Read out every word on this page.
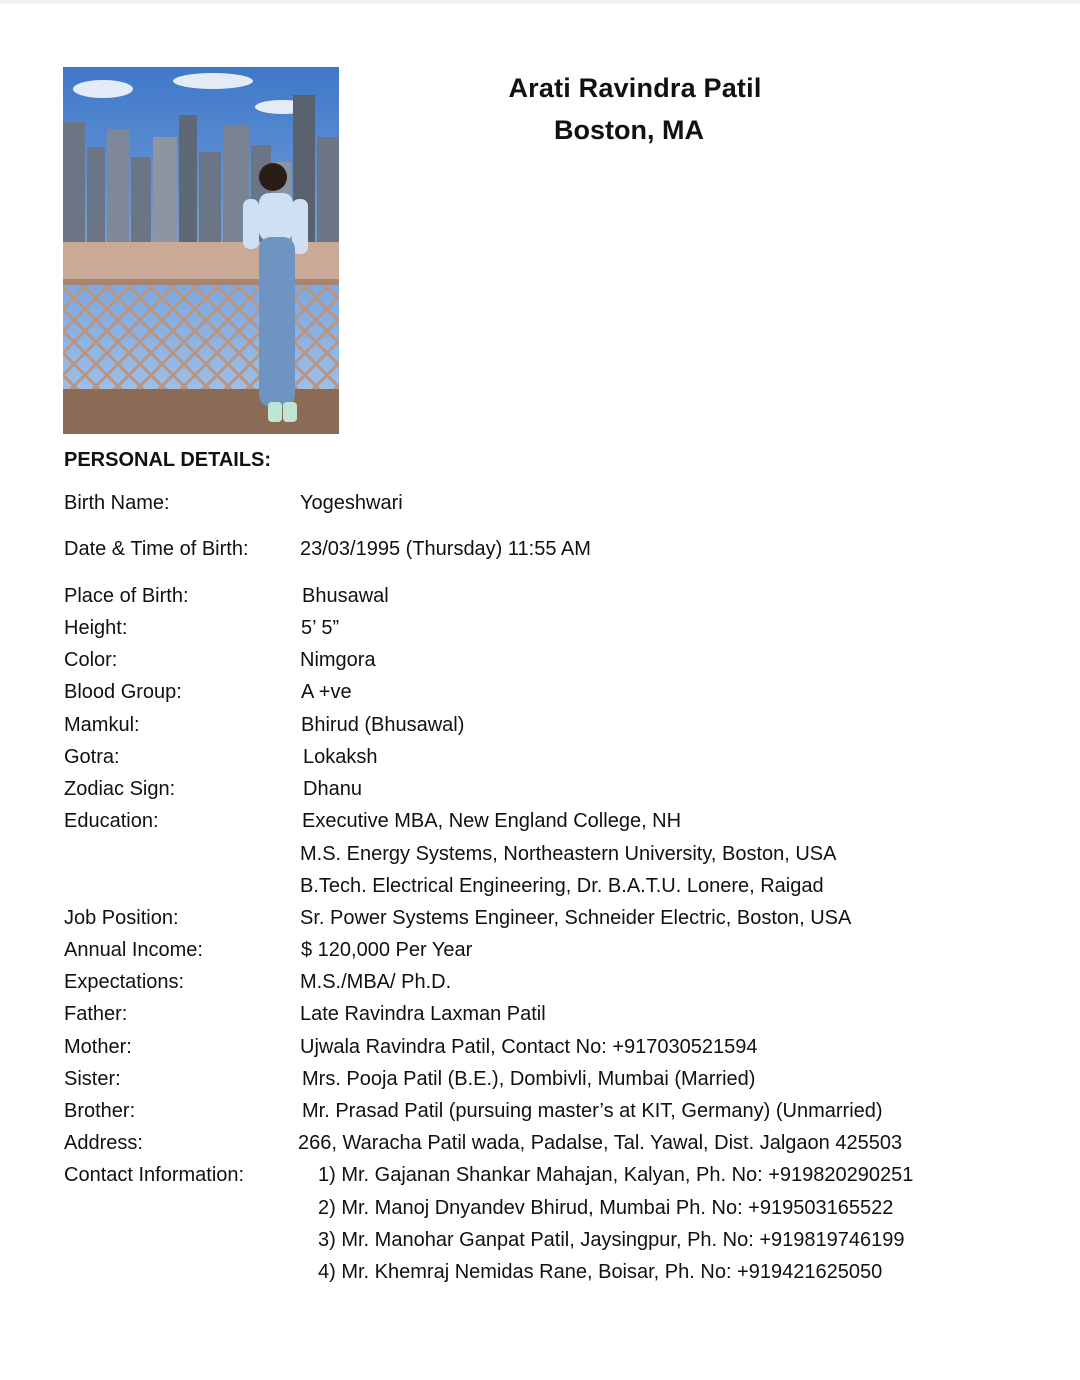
Arati Ravindra Patil
Boston, MA
PERSONAL DETAILS:
Birth Name:	Yogeshwari
Date & Time of Birth:	23/03/1995 (Thursday) 11:55 AM
Place of Birth:	Bhusawal
Height:	5’ 5”
Color:	Nimgora
Blood Group:	A +ve
Mamkul:	Bhirud (Bhusawal)
Gotra:	Lokaksh
Zodiac Sign:	Dhanu
Education:	Executive MBA, New England College, NH
M.S. Energy Systems, Northeastern University, Boston, USA
B.Tech. Electrical Engineering, Dr. B.A.T.U. Lonere, Raigad
Job Position:	Sr. Power Systems Engineer, Schneider Electric, Boston, USA
Annual Income:	$ 120,000 Per Year
Expectations:	M.S./MBA/ Ph.D.
Father:	Late Ravindra Laxman Patil
Mother:	Ujwala Ravindra Patil, Contact No: +917030521594
Sister:	Mrs. Pooja Patil (B.E.), Dombivli, Mumbai (Married)
Brother:	Mr. Prasad Patil (pursuing master’s at KIT, Germany) (Unmarried)
Address:	266, Waracha Patil wada, Padalse, Tal. Yawal, Dist. Jalgaon 425503
Contact Information:	1) Mr. Gajanan Shankar Mahajan, Kalyan, Ph. No: +919820290251
2) Mr. Manoj Dnyandev Bhirud, Mumbai Ph. No: +919503165522
3) Mr. Manohar Ganpat Patil, Jaysingpur, Ph. No: +919819746199
4) Mr. Khemraj Nemidas Rane, Boisar, Ph. No: +919421625050
